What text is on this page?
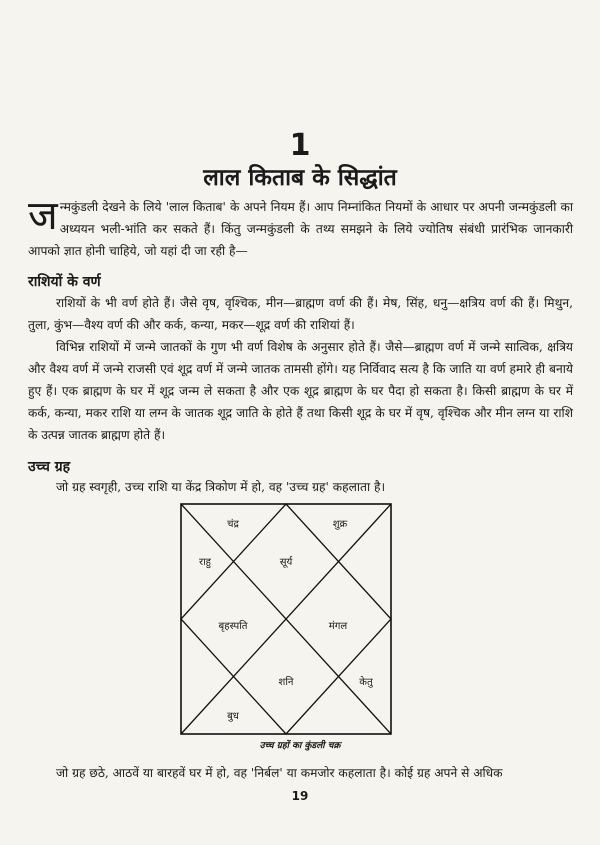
1
लाल किताब के सिद्धांत
जन्मकुंडली देखने के लिये 'लाल किताब' के अपने नियम हैं। आप निम्नांकित नियमों के आधार पर अपनी जन्मकुंडली का अध्ययन भली-भांति कर सकते हैं। किंतु जन्मकुंडली के तथ्य समझने के लिये ज्योतिष संबंधी प्रारंभिक जानकारी आपको ज्ञात होनी चाहिये, जो यहां दी जा रही है—
राशियों के वर्ण
राशियों के भी वर्ण होते हैं। जैसे वृष, वृश्चिक, मीन—ब्राह्मण वर्ण की हैं। मेष, सिंह, धनु—क्षत्रिय वर्ण की हैं। मिथुन, तुला, कुंभ—वैश्य वर्ण की और कर्क, कन्या, मकर—शूद्र वर्ण की राशियां हैं।
विभिन्न राशियों में जन्मे जातकों के गुण भी वर्ण विशेष के अनुसार होते हैं। जैसे—ब्राह्मण वर्ण में जन्मे सात्विक, क्षत्रिय और वैश्य वर्ण में जन्मे राजसी एवं शूद्र वर्ण में जन्मे जातक तामसी होंगे। यह निर्विवाद सत्य है कि जाति या वर्ण हमारे ही बनाये हुए हैं। एक ब्राह्मण के घर में शूद्र जन्म ले सकता है और एक शूद्र ब्राह्मण के घर पैदा हो सकता है। किसी ब्राह्मण के घर में कर्क, कन्या, मकर राशि या लग्न के जातक शूद्र जाति के होते हैं तथा किसी शूद्र के घर में वृष, वृश्चिक और मीन लग्न या राशि के उत्पन्न जातक ब्राह्मण होते हैं।
उच्च ग्रह
जो ग्रह स्वगृही, उच्च राशि या केंद्र त्रिकोण में हो, वह 'उच्च ग्रह' कहलाता है।
चंद्र	शुक्र
राहु	सूर्य
बृहस्पति	मंगल
शनि	केतु
बुध
उच्च ग्रहों का कुंडली चक्र
जो ग्रह छठे, आठवें या बारहवें घर में हो, वह 'निर्बल' या कमजोर कहलाता है। कोई ग्रह अपने से अधिक
19
